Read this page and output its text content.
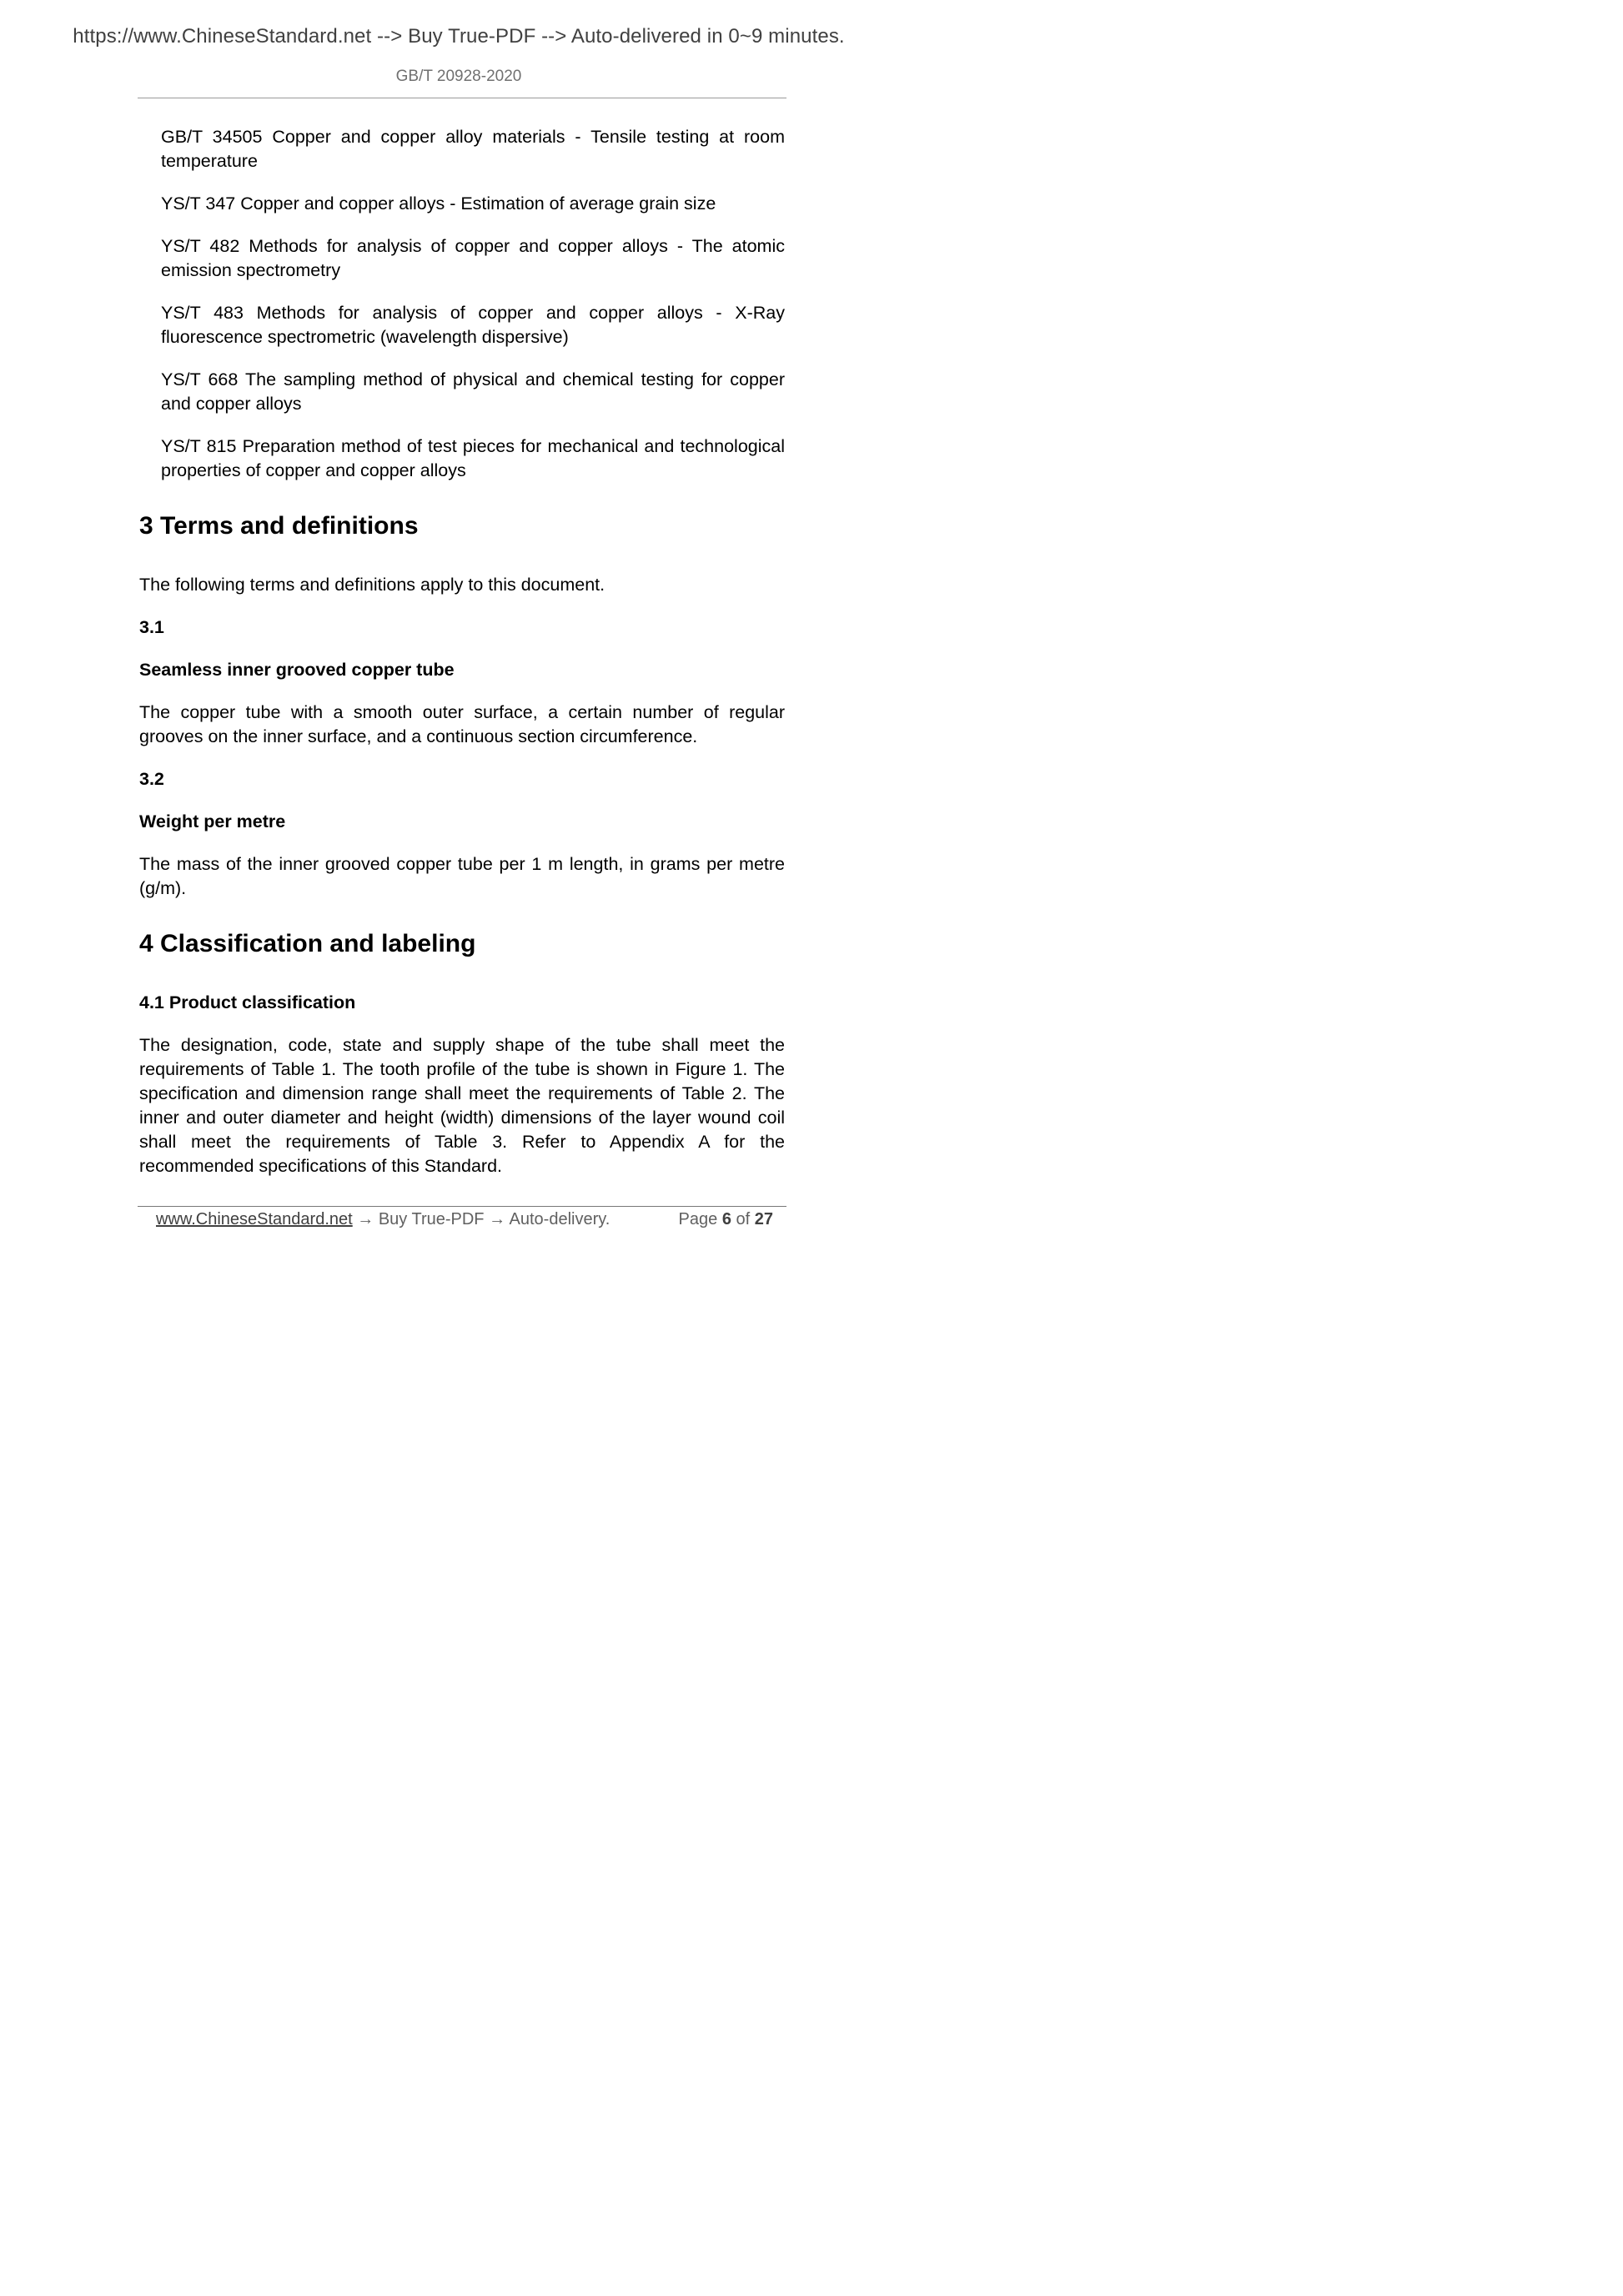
https://www.ChineseStandard.net --> Buy True-PDF --> Auto-delivered in 0~9 minutes.
GB/T 20928-2020
GB/T 34505 Copper and copper alloy materials - Tensile testing at room temperature
YS/T 347 Copper and copper alloys - Estimation of average grain size
YS/T 482 Methods for analysis of copper and copper alloys - The atomic emission spectrometry
YS/T 483 Methods for analysis of copper and copper alloys - X-Ray fluorescence spectrometric (wavelength dispersive)
YS/T 668 The sampling method of physical and chemical testing for copper and copper alloys
YS/T 815 Preparation method of test pieces for mechanical and technological properties of copper and copper alloys
3 Terms and definitions

The following terms and definitions apply to this document.

3.1
Seamless inner grooved copper tube

The copper tube with a smooth outer surface, a certain number of regular grooves on the inner surface, and a continuous section circumference.

3.2
Weight per metre

The mass of the inner grooved copper tube per 1 m length, in grams per metre (g/m).

4 Classification and labeling
4.1 Product classification

The designation, code, state and supply shape of the tube shall meet the requirements of Table 1. The tooth profile of the tube is shown in Figure 1. The specification and dimension range shall meet the requirements of Table 2. The inner and outer diameter and height (width) dimensions of the layer wound coil shall meet the requirements of Table 3. Refer to Appendix A for the recommended specifications of this Standard.

www.ChineseStandard.net → Buy True-PDF → Auto-delivery.	Page 6 of 27
